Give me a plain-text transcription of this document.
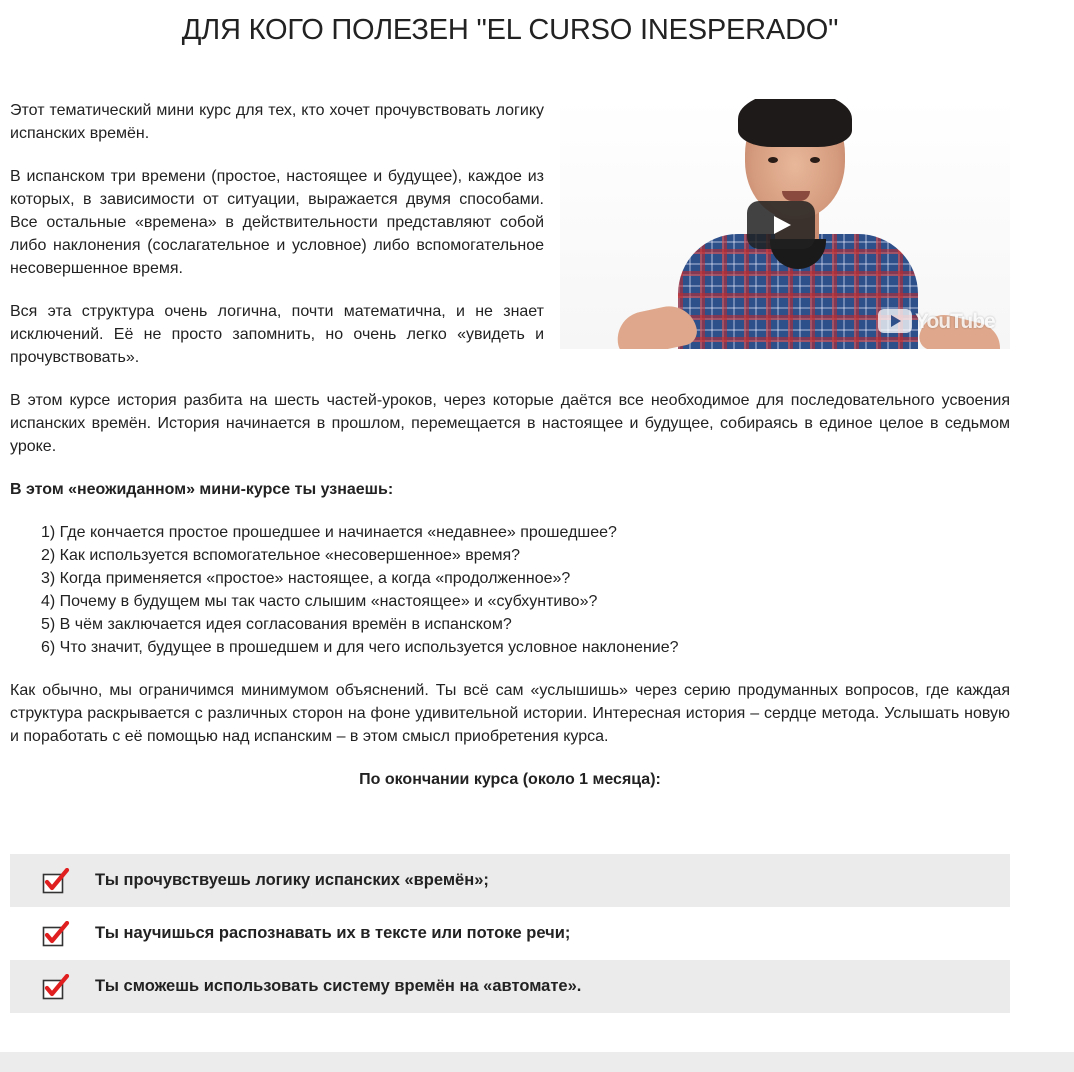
ДЛЯ КОГО ПОЛЕЗЕН "EL CURSO INESPERADO"
YouTube

Этот тематический мини курс для тех, кто хочет прочувствовать логику испанских времён.

В испанском три времени (простое, настоящее и будущее), каждое из которых, в зависимости от ситуации, выражается двумя способами. Все остальные «времена» в действительности представляют собой либо наклонения (сослагательное и условное) либо вспомогательное несовершенное время.

Вся эта структура очень логична, почти математична, и не знает исключений. Её не просто запомнить, но очень легко «увидеть и прочувствовать».

В этом курсе история разбита на шесть частей-уроков, через которые даётся все необходимое для последовательного усвоения испанских времён. История начинается в прошлом, перемещается в настоящее и будущее, собираясь в единое целое в седьмом уроке.

В этом «неожиданном» мини-курсе ты узнаешь:

1) Где кончается простое прошедшее и начинается «недавнее» прошедшее?
2) Как используется вспомогательное «несовершенное» время?
3) Когда применяется «простое» настоящее, а когда «продолженное»?
4) Почему в будущем мы так часто слышим «настоящее» и «субхунтиво»?
5) В чём заключается идея согласования времён в испанском?
6) Что значит, будущее в прошедшем и для чего используется условное наклонение?

Как обычно, мы ограничимся минимумом объяснений. Ты всё сам «услышишь» через серию продуманных вопросов, где каждая структура раскрывается с различных сторон на фоне удивительной истории. Интересная история – сердце метода. Услышать новую и поработать с её помощью над испанским – в этом смысл приобретения курса.

По окончании курса (около 1 месяца):

Ты прочувствуешь логику испанских «времён»;
Ты научишься распознавать их в тексте или потоке речи;
Ты сможешь использовать систему времён на «автомате».
